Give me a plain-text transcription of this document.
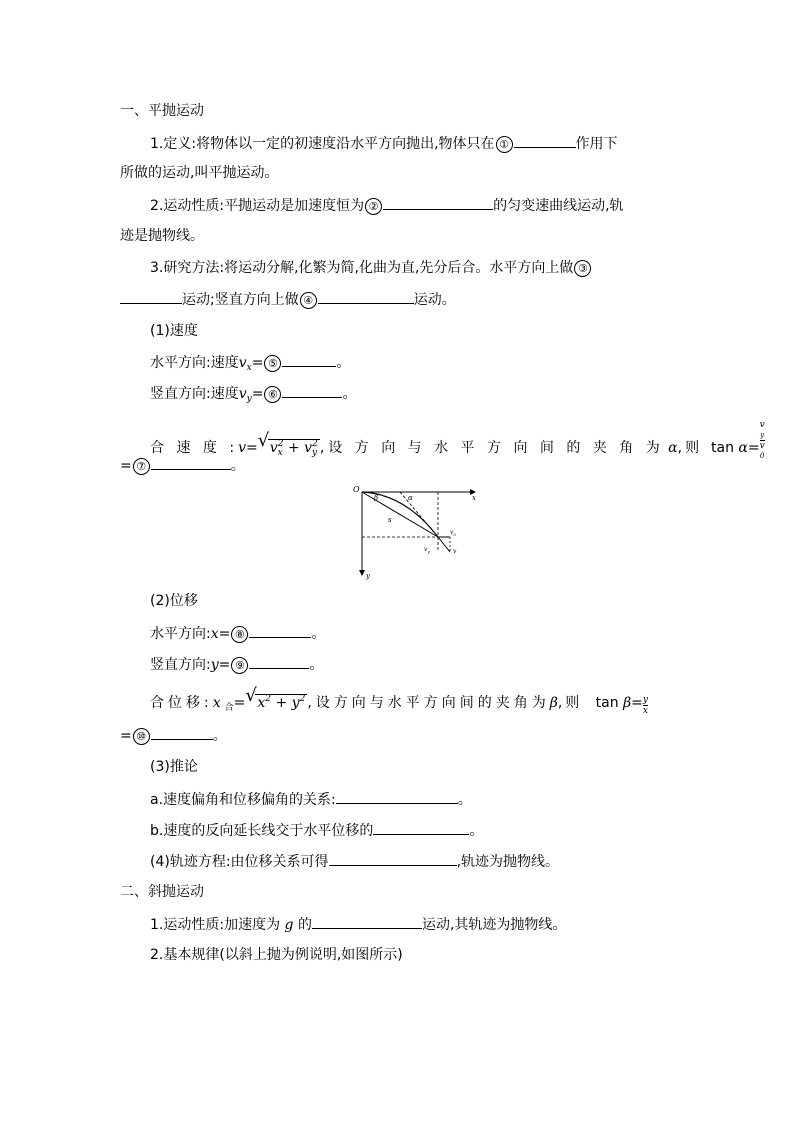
一、平抛运动
1.定义:将物体以一定的初速度沿水平方向抛出,物体只在 ①	作用下
所做的运动,叫平抛运动。
2.运动性质:平抛运动是加速度恒为 ②	的匀变速曲线运动,轨
迹是抛物线。
3.研究方法:将运动分解,化繁为简,化曲为直,先分后合。水平方向上做 ③
运动;竖直方向上做 ④	运动。
(1)速度
水平方向:速度$v_x=$ ⑤	。
竖直方向:速度$v_y=$ ⑥	。
合 速 度 :v= √ $v_x^2 + v_y^2$ ,设 方 向 与 水 平 方 向 间 的 夹 角 为 α,则 tan α= v
y
v
0
= ⑦	。
O
x
y
β	α
s
$v_0$
$v_y$	v
(2)位移
水平方向:x= ⑧	。
竖直方向:y= ⑨	。
合位移:x $_合$= √ $x^2 + y^2$ ,设方向与水平方向间的夹角为β,则 $\tan \beta= \frac{y}{x}$
= ⑩	。
(3)推论
a.速度偏角和位移偏角的关系:	。
b.速度的反向延长线交于水平位移的	。
(4)轨迹方程:由位移关系可得	,轨迹为抛物线。
二、斜抛运动
1.运动性质:加速度为 g 的	运动,其轨迹为抛物线。
2.基本规律(以斜上抛为例说明,如图所示)
